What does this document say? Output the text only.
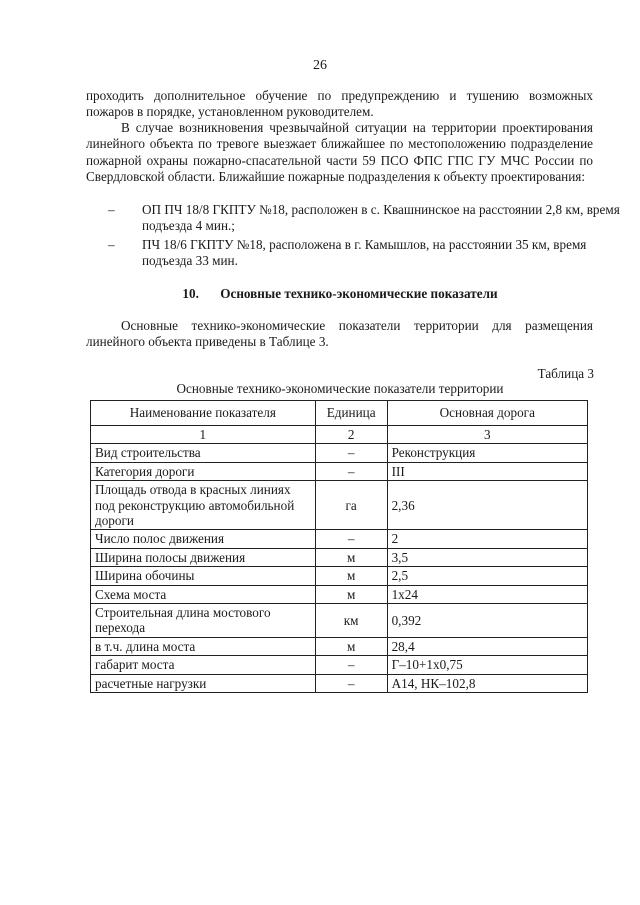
26

проходить дополнительное обучение по предупреждению и тушению возможных пожаров в порядке, установленном руководителем.

В случае возникновения чрезвычайной ситуации на территории проектирования линейного объекта по тревоге выезжает ближайшее по местоположению подразделение пожарной охраны пожарно-спасательной части 59 ПСО ФПС ГПС ГУ МЧС России по Свердловской области. Ближайшие пожарные подразделения к объекту проектирования:

– ОП ПЧ 18/8 ГКПТУ №18, расположен в с. Квашнинское на расстоянии 2,8 км, время подъезда 4 мин.;
– ПЧ 18/6 ГКПТУ №18, расположена в г. Камышлов, на расстоянии 35 км, время подъезда 33 мин.
10. Основные технико-экономические показатели

Основные технико-экономические показатели территории для размещения линейного объекта приведены в Таблице 3.

Таблица 3
Основные технико-экономические показатели территории
Наименование показателя	Единица	Основная дорога
1	2	3
Вид строительства	–	Реконструкция
Категория дороги	–	III
Площадь отвода в красных линиях под реконструкцию автомобильной дороги	га	2,36
Число полос движения	–	2
Ширина полосы движения	м	3,5
Ширина обочины	м	2,5
Схема моста	м	1х24
Строительная длина мостового перехода	км	0,392
в т.ч. длина моста	м	28,4
габарит моста	–	Г–10+1х0,75
расчетные нагрузки	–	А14, НК–102,8
